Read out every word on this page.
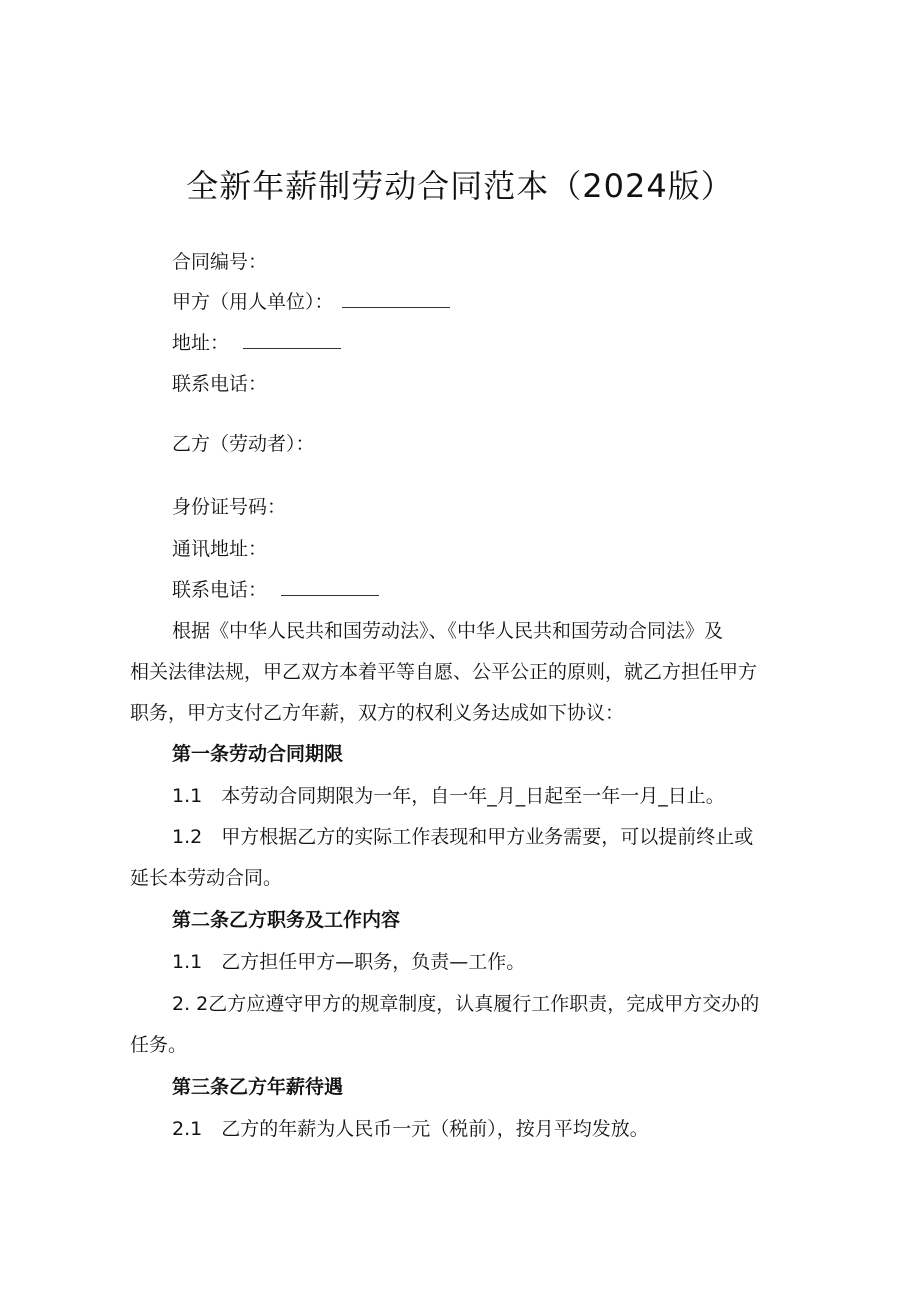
全新年薪制劳动合同范本（2024版）
合同编号：
甲方（用人单位）：
地址：
联系电话：
乙方（劳动者）：
身份证号码：
通讯地址：
联系电话：
根据《中华人民共和国劳动法》、《中华人民共和国劳动合同法》及
相关法律法规，甲乙双方本着平等自愿、公平公正的原则，就乙方担任甲方
职务，甲方支付乙方年薪，双方的权利义务达成如下协议：
第一条劳动合同期限
1.1　本劳动合同期限为一年，自一年_月_日起至一年一月_日止。
1.2　甲方根据乙方的实际工作表现和甲方业务需要，可以提前终止或
延长本劳动合同。
第二条乙方职务及工作内容
1.1　乙方担任甲方—职务，负责—工作。
2. 2乙方应遵守甲方的规章制度，认真履行工作职责，完成甲方交办的
任务。
第三条乙方年薪待遇
2.1　乙方的年薪为人民币一元（税前），按月平均发放。
